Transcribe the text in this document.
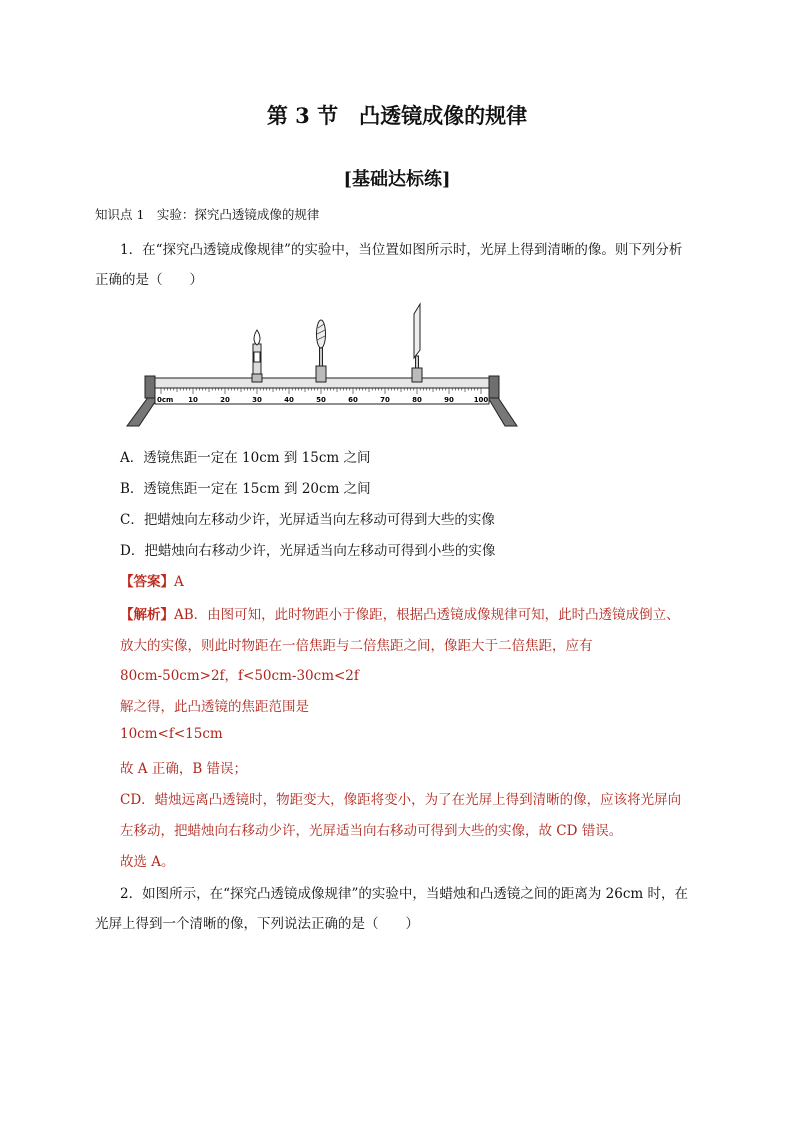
第 3 节　凸透镜成像的规律
[基础达标练]
知识点 1　实验：探究凸透镜成像的规律
1．在“探究凸透镜成像规律”的实验中，当位置如图所示时，光屏上得到清晰的像。则下列分析
正确的是（　　）
0cm 10	20	30	40	50	60	70	80	90	100
A．透镜焦距一定在 10cm 到 15cm 之间
B．透镜焦距一定在 15cm 到 20cm 之间
C．把蜡烛向左移动少许，光屏适当向左移动可得到大些的实像
D．把蜡烛向右移动少许，光屏适当向左移动可得到小些的实像
【答案】A
【解析】AB．由图可知，此时物距小于像距，根据凸透镜成像规律可知，此时凸透镜成倒立、
放大的实像，则此时物距在一倍焦距与二倍焦距之间，像距大于二倍焦距，应有
80cm-50cm>2f，f<50cm-30cm<2f
解之得，此凸透镜的焦距范围是
10cm<f<15cm
故 A 正确，B 错误；
CD．蜡烛远离凸透镜时，物距变大，像距将变小，为了在光屏上得到清晰的像，应该将光屏向
左移动，把蜡烛向右移动少许，光屏适当向右移动可得到大些的实像，故 CD 错误。
故选 A。
2．如图所示，在“探究凸透镜成像规律”的实验中，当蜡烛和凸透镜之间的距离为 26cm 时，在
光屏上得到一个清晰的像，下列说法正确的是（　　）
